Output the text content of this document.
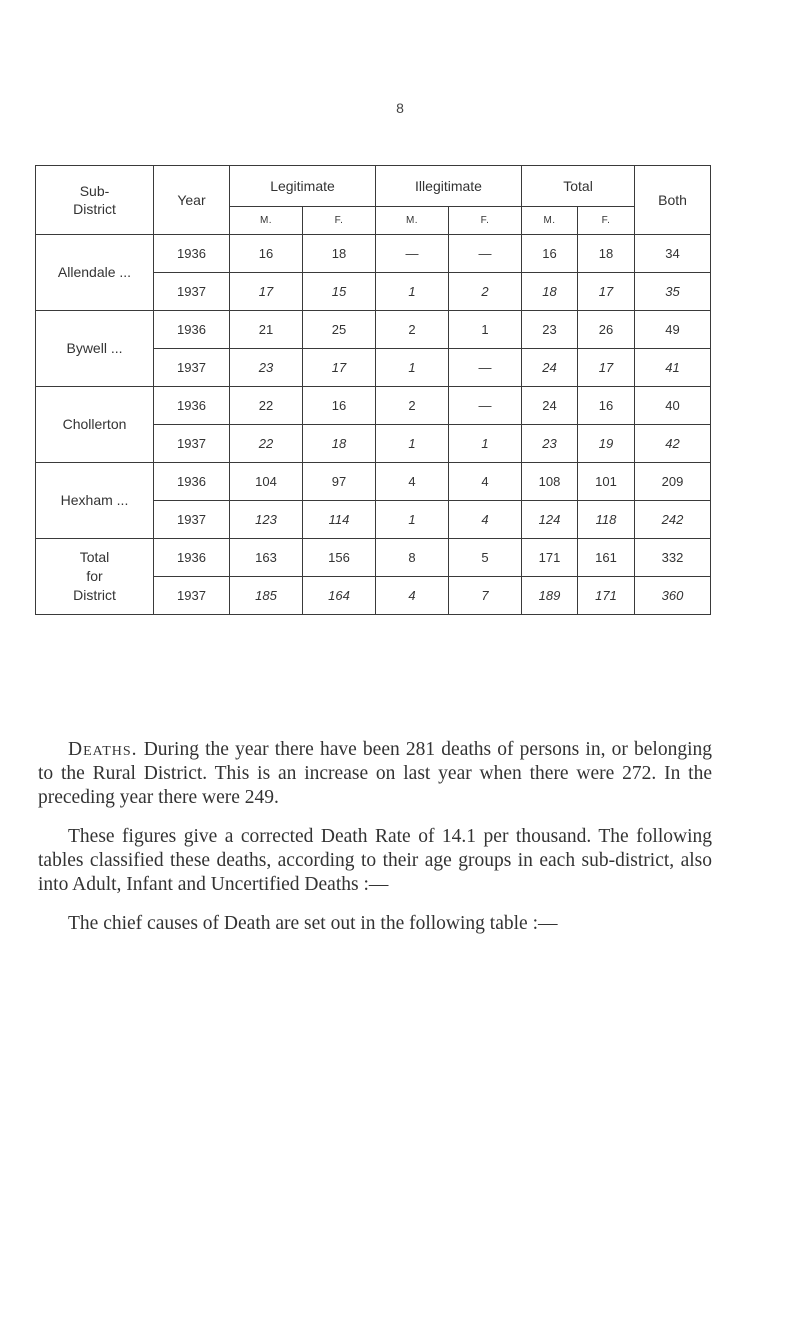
8
Sub-
District	Year	Legitimate		Illegitimate		Total		Both
		M.	F.	M.	F.	M.	F.	
Allendale ...	1936	16	18	—	—	16	18	34
	1937	17	15	1	2	18	17	35
Bywell ...	1936	21	25	2	1	23	26	49
	1937	23	17	1	—	24	17	41
Chollerton	1936	22	16	2	—	24	16	40
	1937	22	18	1	1	23	19	42
Hexham ...	1936	104	97	4	4	108	101	209
	1937	123	114	1	4	124	118	242
Total
for
District	1936	163	156	8	5	171	161	332
	1937	185	164	4	7	189	171	360

Deaths. During the year there have been 281 deaths of persons in, or belonging to the Rural District. This is an increase on last year when there were 272. In the preceding year there were 249.

These figures give a corrected Death Rate of 14.1 per thousand. The following tables classified these deaths, according to their age groups in each sub-district, also into Adult, Infant and Uncertified Deaths :—

The chief causes of Death are set out in the following table :—
